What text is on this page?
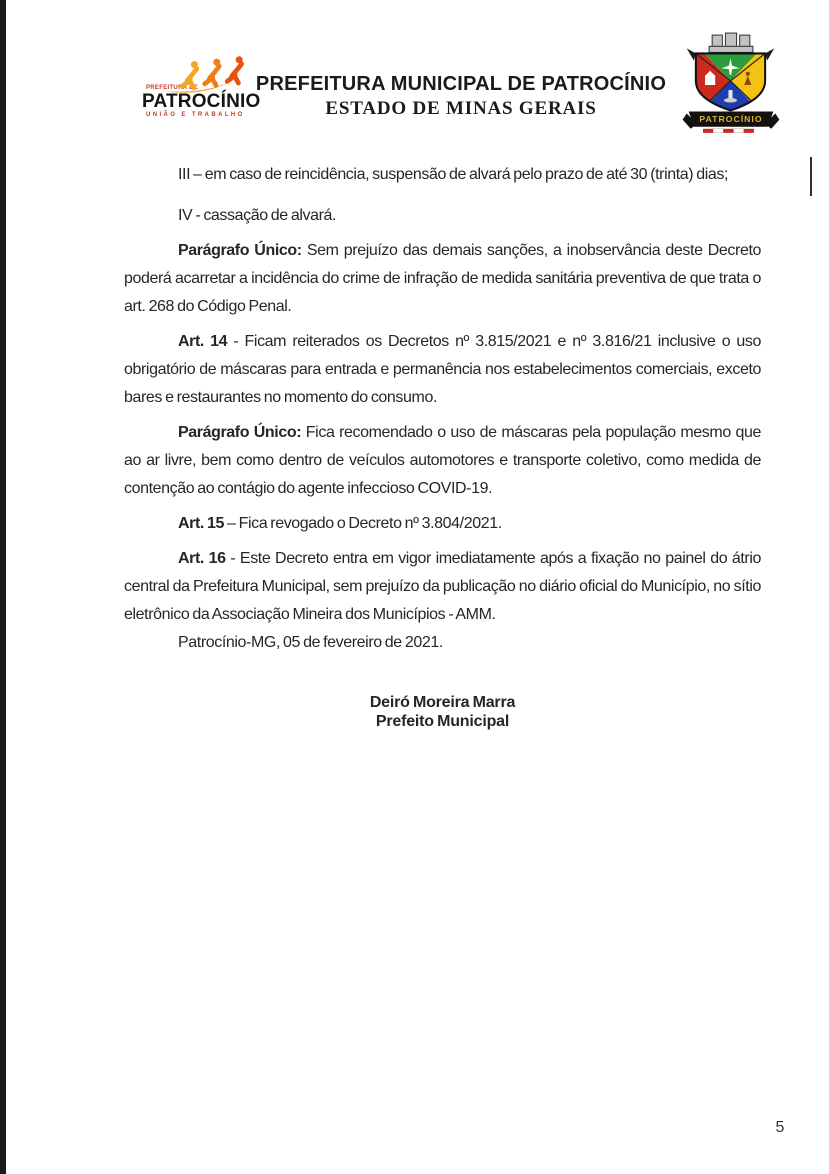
PREFEITURA DE
PATROCÍNIO
UNIÃO E TRABALHO
PREFEITURA MUNICIPAL DE PATROCÍNIO
ESTADO DE MINAS GERAIS
PATROCÍNIO

III – em caso de reincidência, suspensão de alvará pelo prazo de até 30 (trinta) dias;

IV - cassação de alvará.

Parágrafo Único: Sem prejuízo das demais sanções, a inobservância deste Decreto poderá acarretar a incidência do crime de infração de medida sanitária preventiva de que trata o art. 268 do Código Penal.

Art. 14 - Ficam reiterados os Decretos nº 3.815/2021 e nº 3.816/21 inclusive o uso obrigatório de máscaras para entrada e permanência nos estabelecimentos comerciais, exceto bares e restaurantes no momento do consumo.

Parágrafo Único: Fica recomendado o uso de máscaras pela população mesmo que ao ar livre, bem como dentro de veículos automotores e transporte coletivo, como medida de contenção ao contágio do agente infeccioso COVID-19.

Art. 15 – Fica revogado o Decreto nº 3.804/2021.

Art. 16 - Este Decreto entra em vigor imediatamente após a fixação no painel do átrio central da Prefeitura Municipal, sem prejuízo da publicação no diário oficial do Município, no sítio eletrônico da Associação Mineira dos Municípios - AMM.

Patrocínio-MG, 05 de fevereiro de 2021.

Deiró Moreira Marra
Prefeito Municipal
5
